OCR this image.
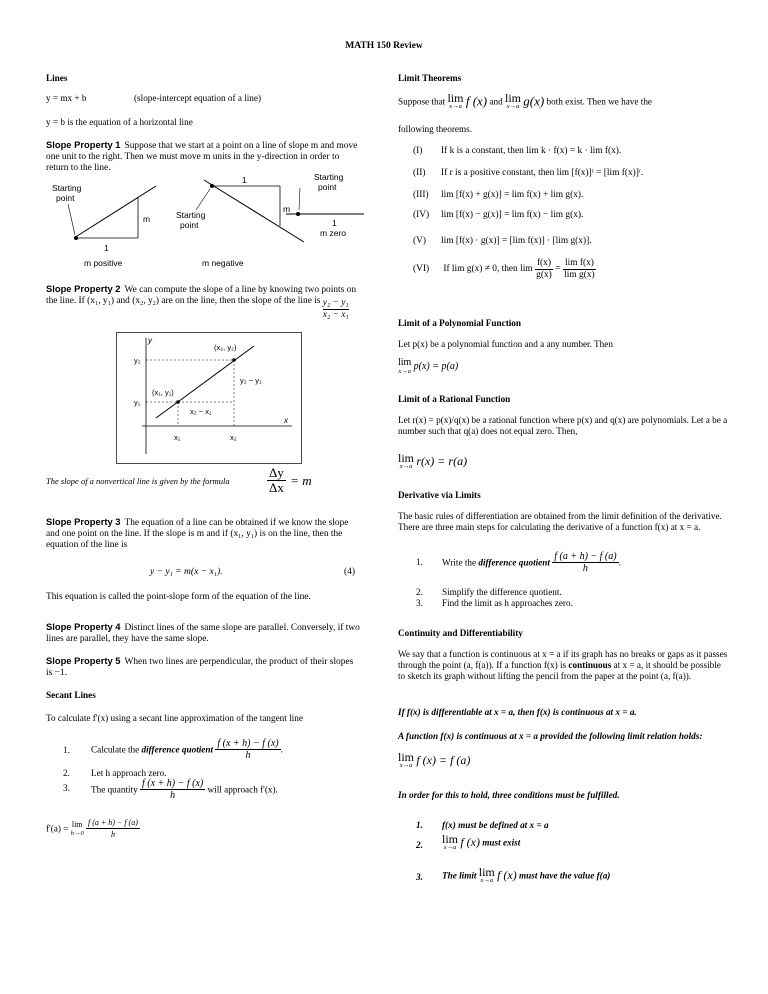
MATH 150 Review
Lines
y = mx + b	(slope-intercept equation of a line)
y = b is the equation of a horizontal line
Slope Property 1 Suppose that we start at a point on a line of slope m and move one unit to the right. Then we must move m units in the y-direction in order to return to the line.
Starting
point
m
1
m positive
1
Starting
point
m
m negative
Starting
point
1
m zero
Slope Property 2 We can compute the slope of a line by knowing two points on the line. If (x₁, y₁) and (x₂, y₂) are on the line, then the slope of the line is $\frac{\text{y₂ − y₁}}{\text{x₂ − x₁}}$
y
x
(x₂, y₂)
(x₁, y₁)
y₂
y₁
y₂ − y₁
x₂ − x₁
x₁	x₂
The slope of a nonvertical line is given by the formula	$\frac{\Delta y}{\Delta x} = m$
Slope Property 3 The equation of a line can be obtained if we know the slope and one point on the line. If the slope is m and if (x₁, y₁) is on the line, then the equation of the line is
y − y₁ = m(x − x₁).	(4)
This equation is called the point-slope form of the equation of the line.
Slope Property 4 Distinct lines of the same slope are parallel. Conversely, if two lines are parallel, they have the same slope.
Slope Property 5 When two lines are perpendicular, the product of their slopes is −1.
Secant Lines
To calculate f'(x) using a secant line approximation of the tangent line
1. Calculate the difference quotient $\frac{f (x + h) - f (x)}{h}$ .
2. Let h approach zero.
3. The quantity $\frac{f (x + h) - f (x)}{h}$ will approach f'(x).
f'(a) = lim
h→0
$\frac{f (a + h) - f (a)}{h}$
Limit Theorems
Suppose that lim
x→a f (x) and lim
x→a g(x) both exist. Then we have the
following theorems.
(I) If k is a constant, then lim k · f(x) = k · lim f(x).
(II) If r is a positive constant, then lim [f(x)]ʳ = [lim f(x)]ʳ.
(III) lim [f(x) + g(x)] = lim f(x) + lim g(x).
(IV) lim [f(x) − g(x)] = lim f(x) − lim g(x).
(V) lim [f(x) · g(x)] = [lim f(x)] · [lim g(x)].
(VI) If lim g(x) ≠ 0, then $\lim \frac{f(x)}{g(x)} = \frac{\text{lim f(x)}}{\text{lim g(x)}}$
Limit of a Polynomial Function
Let p(x) be a polynomial function and a any number. Then
lim
x→a p(x) = p(a)
Limit of a Rational Function
Let r(x) = p(x)/q(x) be a rational function where p(x) and q(x) are polynomials. Let a be a number such that q(a) does not equal zero. Then,
lim
x→a r(x) = r(a)
Derivative via Limits
The basic rules of differentiation are obtained from the limit definition of the derivative. There are three main steps for calculating the derivative of a function f(x) at x = a.
1. Write the difference quotient $\frac{f (a + h) - f (a)}{h}$ .
2. Simplify the difference quotient.
3. Find the limit as h approaches zero.
Continuity and Differentiability
We say that a function is continuous at x = a if its graph has no breaks or gaps as it passes through the point (a, f(a)). If a function f(x) is continuous at x = a, it should be possible to sketch its graph without lifting the pencil from the paper at the point (a, f(a)).
If f(x) is differentiable at x = a, then f(x) is continuous at x = a.
A function f(x) is continuous at x = a provided the following limit relation holds:
lim
x→a f (x) = f (a)
In order for this to hold, three conditions must be fulfilled.
1. f(x) must be defined at x = a
2. lim
x→a f (x) must exist
3. The limit lim
x→a f (x) must have the value f(a)
